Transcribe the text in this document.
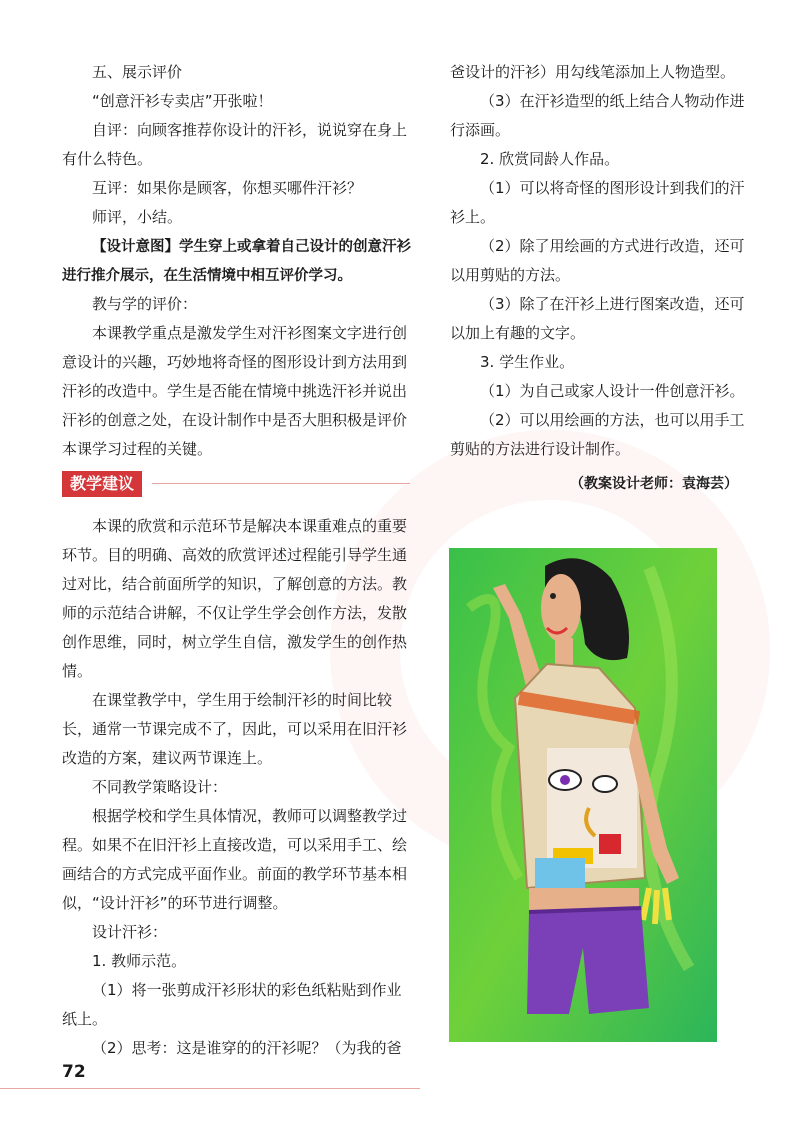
五、展示评价

“创意汗衫专卖店”开张啦！

自评：向顾客推荐你设计的汗衫，说说穿在身上有什么特色。

互评：如果你是顾客，你想买哪件汗衫？

师评，小结。

【设计意图】学生穿上或拿着自己设计的创意汗衫进行推介展示，在生活情境中相互评价学习。

教与学的评价：

本课教学重点是激发学生对汗衫图案文字进行创意设计的兴趣，巧妙地将奇怪的图形设计到方法用到汗衫的改造中。学生是否能在情境中挑选汗衫并说出汗衫的创意之处，在设计制作中是否大胆积极是评价本课学习过程的关键。

爸设计的汗衫）用勾线笔添加上人物造型。

（3）在汗衫造型的纸上结合人物动作进行添画。

2. 欣赏同龄人作品。

（1）可以将奇怪的图形设计到我们的汗衫上。

（2）除了用绘画的方式进行改造，还可以用剪贴的方法。

（3）除了在汗衫上进行图案改造，还可以加上有趣的文字。

3. 学生作业。

（1）为自己或家人设计一件创意汗衫。

（2）可以用绘画的方法，也可以用手工剪贴的方法进行设计制作。

教学建议	（教案设计老师：袁海芸）

本课的欣赏和示范环节是解决本课重难点的重要环节。目的明确、高效的欣赏评述过程能引导学生通过对比，结合前面所学的知识，了解创意的方法。教师的示范结合讲解，不仅让学生学会创作方法，发散创作思维，同时，树立学生自信，激发学生的创作热情。

在课堂教学中，学生用于绘制汗衫的时间比较长，通常一节课完成不了，因此，可以采用在旧汗衫改造的方案，建议两节课连上。

不同教学策略设计：

根据学校和学生具体情况，教师可以调整教学过程。如果不在旧汗衫上直接改造，可以采用手工、绘画结合的方式完成平面作业。前面的教学环节基本相似，“设计汗衫”的环节进行调整。

设计汗衫：

1. 教师示范。

（1）将一张剪成汗衫形状的彩色纸粘贴到作业纸上。

（2）思考：这是谁穿的的汗衫呢？（为我的爸

72
